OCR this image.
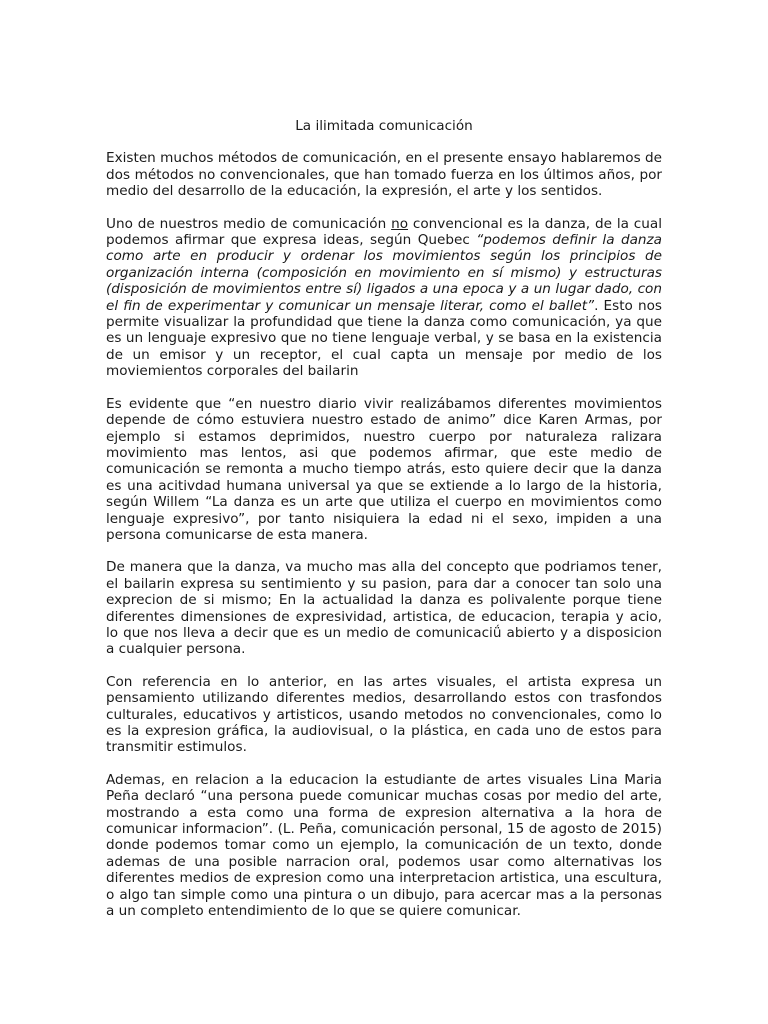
La ilimitada comunicación

Existen muchos métodos de comunicación, en el presente ensayo hablaremos de dos métodos no convencionales, que han tomado fuerza en los últimos años, por medio del desarrollo de la educación, la expresión, el arte y los sentidos.

Uno de nuestros medio de comunicación no convencional es la danza, de la cual podemos afirmar que expresa ideas, según Quebec “podemos definir la danza como arte en producir y ordenar los movimientos según los principios de organización interna (composición en movimiento en sí mismo) y estructuras (disposición de movimientos entre sí) ligados a una epoca y a un lugar dado, con el fin de experimentar y comunicar un mensaje literar, como el ballet”. Esto nos permite visualizar la profundidad que tiene la danza como comunicación, ya que es un lenguaje expresivo que no tiene lenguaje verbal, y se basa en la existencia de un emisor y un receptor, el cual capta un mensaje por medio de los moviemientos corporales del bailarin

Es evidente que “en nuestro diario vivir realizábamos diferentes movimientos depende de cómo estuviera nuestro estado de animo” dice Karen Armas, por ejemplo si estamos deprimidos, nuestro cuerpo por naturaleza ralizara movimiento mas lentos, asi que podemos afirmar, que este medio de comunicación se remonta a mucho tiempo atrás, esto quiere decir que la danza es una acitivdad humana universal ya que se extiende a lo largo de la historia, según Willem “La danza es un arte que utiliza el cuerpo en movimientos como lenguaje expresivo”, por tanto nisiquiera la edad ni el sexo, impiden a una persona comunicarse de esta manera.

De manera que la danza, va mucho mas alla del concepto que podriamos tener, el bailarin expresa su sentimiento y su pasion, para dar a conocer tan solo una exprecion de si mismo; En la actualidad la danza es polivalente porque tiene diferentes dimensiones de expresividad, artistica, de educacion, terapia y acio, lo que nos lleva a decir que es un medio de comunicaciǘ abierto y a disposicion a cualquier persona.

Con referencia en lo anterior, en las artes visuales, el artista expresa un pensamiento utilizando diferentes medios, desarrollando estos con trasfondos culturales, educativos y artisticos, usando metodos no convencionales, como lo es la expresion gráfica, la audiovisual, o la plástica, en cada uno de estos para transmitir estimulos.

Ademas, en relacion a la educacion la estudiante de artes visuales Lina Maria Peña declaró “una persona puede comunicar muchas cosas por medio del arte, mostrando a esta como una forma de expresion alternativa a la hora de comunicar informacion”. (L. Peña, comunicación personal, 15 de agosto de 2015) donde podemos tomar como un ejemplo, la comunicación de un texto, donde ademas de una posible narracion oral, podemos usar como alternativas los diferentes medios de expresion como una interpretacion artistica, una escultura, o algo tan simple como una pintura o un dibujo, para acercar mas a la personas a un completo entendimiento de lo que se quiere comunicar.
